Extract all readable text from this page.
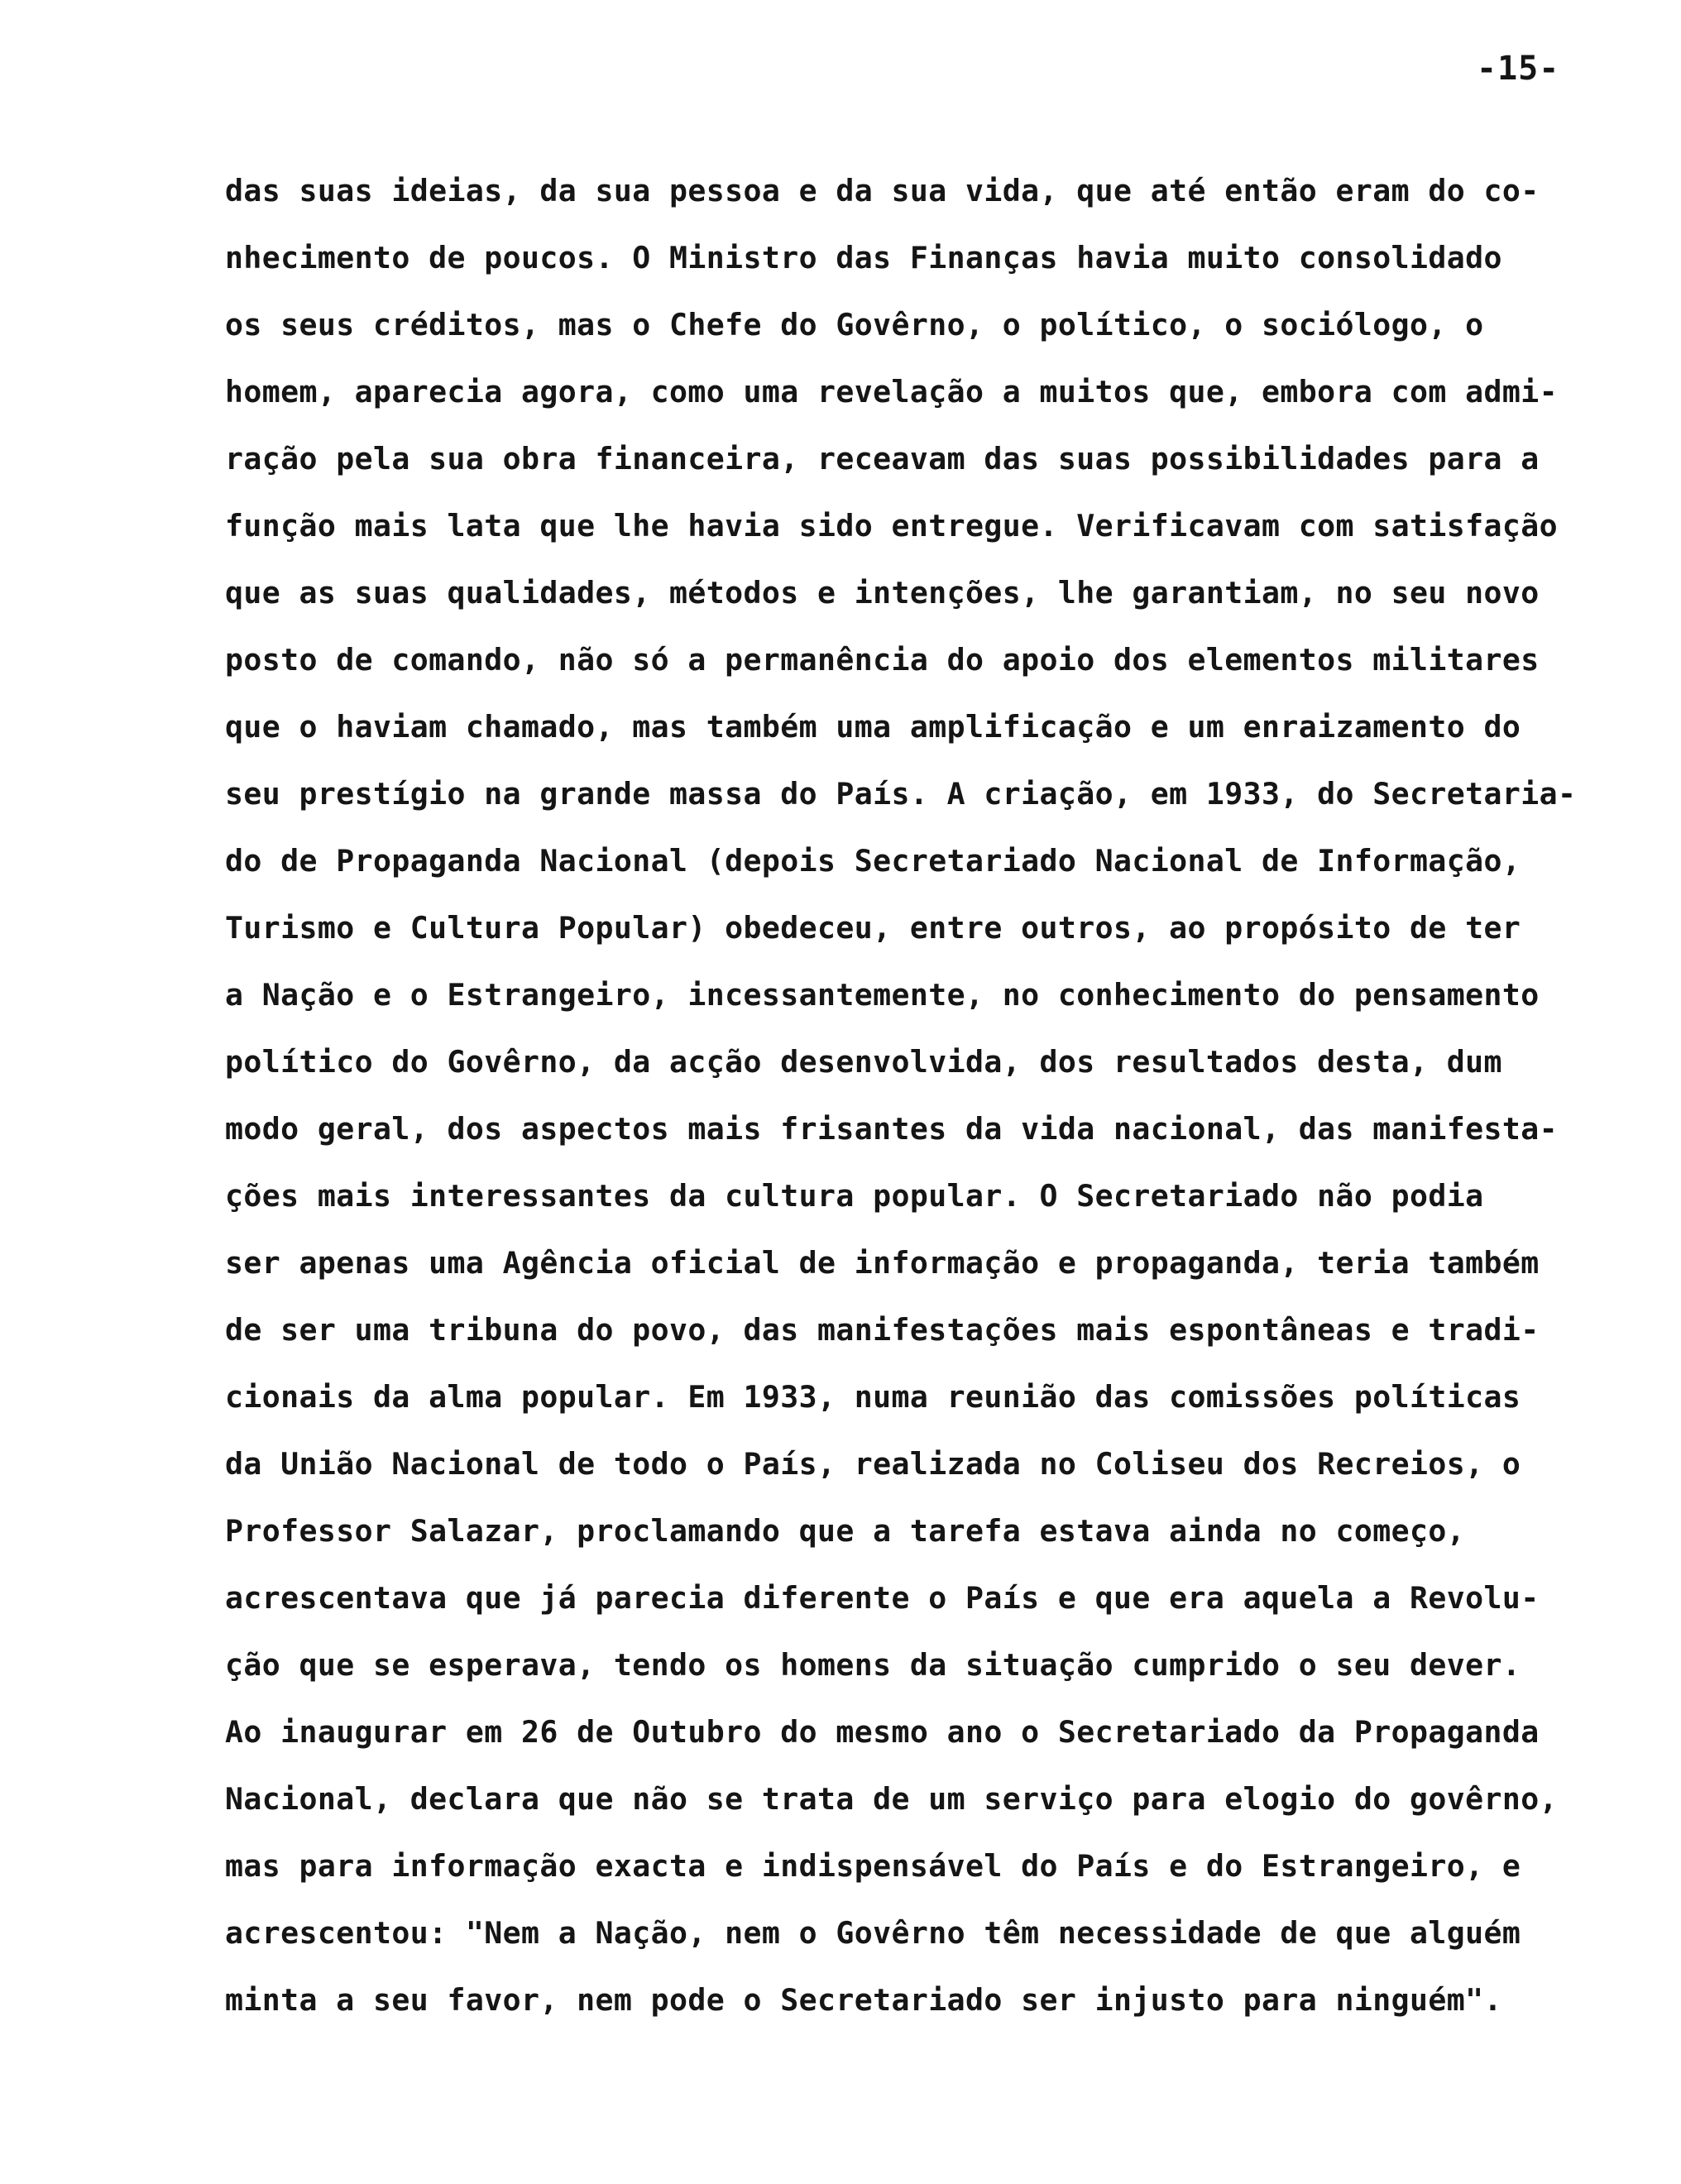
-15-
das suas ideias, da sua pessoa e da sua vida, que até então eram do co-
nhecimento de poucos. O Ministro das Finanças havia muito consolidado
os seus créditos, mas o Chefe do Govêrno, o político, o sociólogo, o
homem, aparecia agora, como uma revelação a muitos que, embora com admi-
ração pela sua obra financeira, receavam das suas possibilidades para a
função mais lata que lhe havia sido entregue. Verificavam com satisfação
que as suas qualidades, métodos e intenções, lhe garantiam, no seu novo
posto de comando, não só a permanência do apoio dos elementos militares
que o haviam chamado, mas também uma amplificação e um enraizamento do
seu prestígio na grande massa do País. A criação, em 1933, do Secretaria-
do de Propaganda Nacional (depois Secretariado Nacional de Informação,
Turismo e Cultura Popular) obedeceu, entre outros, ao propósito de ter
a Nação e o Estrangeiro, incessantemente, no conhecimento do pensamento
político do Govêrno, da acção desenvolvida, dos resultados desta, dum
modo geral, dos aspectos mais frisantes da vida nacional, das manifesta-
ções mais interessantes da cultura popular. O Secretariado não podia
ser apenas uma Agência oficial de informação e propaganda, teria também
de ser uma tribuna do povo, das manifestações mais espontâneas e tradi-
cionais da alma popular. Em 1933, numa reunião das comissões políticas
da União Nacional de todo o País, realizada no Coliseu dos Recreios, o
Professor Salazar, proclamando que a tarefa estava ainda no começo,
acrescentava que já parecia diferente o País e que era aquela a Revolu-
ção que se esperava, tendo os homens da situação cumprido o seu dever.
Ao inaugurar em 26 de Outubro do mesmo ano o Secretariado da Propaganda
Nacional, declara que não se trata de um serviço para elogio do govêrno,
mas para informação exacta e indispensável do País e do Estrangeiro, e
acrescentou: "Nem a Nação, nem o Govêrno têm necessidade de que alguém
minta a seu favor, nem pode o Secretariado ser injusto para ninguém".
